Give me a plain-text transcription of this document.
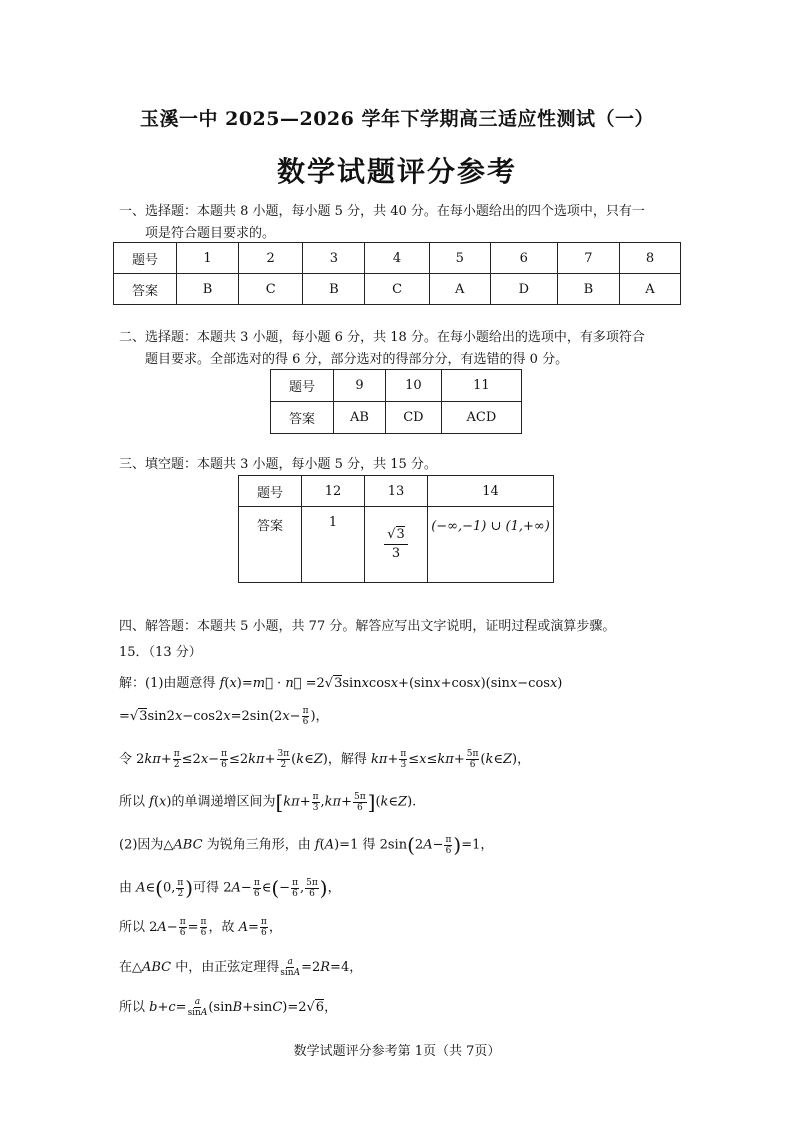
玉溪一中 2025—2026 学年下学期高三适应性测试（一）
数学试题评分参考
一、选择题：本题共 8 小题，每小题 5 分，共 40 分。在每小题给出的四个选项中，只有一
项是符合题目要求的。
题号	1	2	3	4	5	6	7	8
答案	B	C	B	C	A	D	B	A
二、选择题：本题共 3 小题，每小题 6 分，共 18 分。在每小题给出的选项中，有多项符合
题目要求。全部选对的得 6 分，部分选对的得部分分，有选错的得 0 分。
题号	9	10	11
答案	AB	CD	ACD
三、填空题：本题共 3 小题，每小题 5 分，共 15 分。
题号	12	13	14
答案	1	$\frac{√3}{3}$	(−∞,−1) ∪ (1,+∞)
四、解答题：本题共 5 小题，共 77 分。解答应写出文字说明，证明过程或演算步骤。
15．（13 分）
解：(1)由题意得 f(x)=m⃗ · n⃗ =2√3sinxcosx+(sinx+cosx)(sinx−cosx)
$=√3\sin 2x-\cos 2x=2\sin(2x- \frac{\pi}{6}$ )，
令 $2k\pi+ \frac{\pi}{2} \le 2x- \frac{\pi}{6} \le 2k\pi+ \frac{3\pi}{2}$ (k∈Z)，解得 $k\pi+ \frac{\pi}{3} \le x\le k\pi+ \frac{5\pi}{6}$ (k∈Z)，
所以 f(x)的单调递增区间为[$k\pi+ \frac{\pi}{3} ,k\pi+ \frac{5\pi}{6}$ ](k∈Z).
(2)因为△ABC 为锐角三角形，由 f(A)=1 得 $2\sin(2A- \frac{\pi}{6} )=1$，
由 A∈(0, $\frac{\pi}{2}$ )可得 $2A- \frac{\pi}{6}$ ∈(− $\frac{\pi}{6}$ , $\frac{5\pi}{6}$ )，
所以 $2A- \frac{\pi}{6} = \frac{\pi}{6}$ ，故 $A= \frac{\pi}{6}$ ，
在△ABC 中，由正弦定理得 $\frac{a}{\sin A} =2R=4$，
所以 $b+c= \frac{a}{\sin A} (\sin B+\sin C)=2√6$，
数学试题评分参考第 1页（共 7页）
